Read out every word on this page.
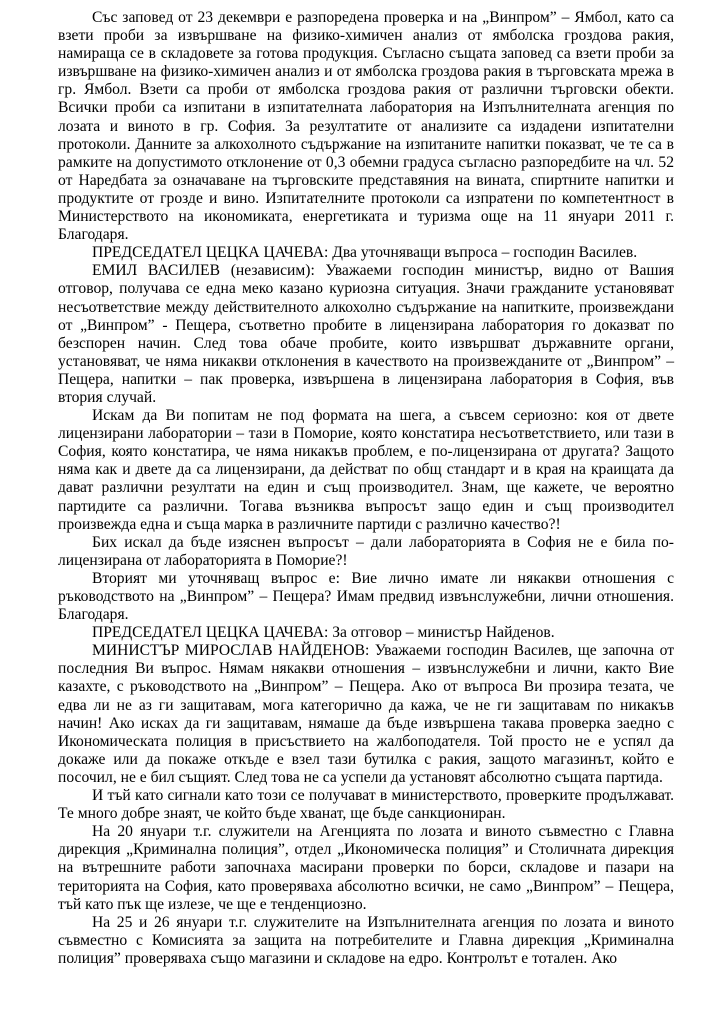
Със заповед от 23 декември е разпоредена проверка и на „Винпром” – Ямбол, като са взети проби за извършване на физико-химичен анализ от ямболска гроздова ракия, намираща се в складовете за готова продукция. Съгласно същата заповед са взети проби за извършване на физико-химичен анализ и от ямболска гроздова ракия в търговската мрежа в гр. Ямбол. Взети са проби от ямболска гроздова ракия от различни търговски обекти. Всички проби са изпитани в изпитателната лаборатория на Изпълнителната агенция по лозата и виното в гр. София. За резултатите от анализите са издадени изпитателни протоколи. Данните за алкохолното съдържание на изпитаните напитки показват, че те са в рамките на допустимото отклонение от 0,3 обемни градуса съгласно разпоредбите на чл. 52 от Наредбата за означаване на търговските представяния на вината, спиртните напитки и продуктите от грозде и вино. Изпитателните протоколи са изпратени по компетентност в Министерството на икономиката, енергетиката и туризма още на 11 януари 2011 г. Благодаря.

ПРЕДСЕДАТЕЛ ЦЕЦКА ЦАЧЕВА: Два уточняващи въпроса – господин Василев.

ЕМИЛ ВАСИЛЕВ (независим): Уважаеми господин министър, видно от Вашия отговор, получава се една меко казано куриозна ситуация. Значи гражданите установяват несъответствие между действителното алкохолно съдържание на напитките, произвеждани от „Винпром” - Пещера, съответно пробите в лицензирана лаборатория го доказват по безспорен начин. След това обаче пробите, които извършват държавните органи, установяват, че няма никакви отклонения в качеството на произвежданите от „Винпром” – Пещера, напитки – пак проверка, извършена в лицензирана лаборатория в София, във втория случай.

Искам да Ви попитам не под формата на шега, а съвсем сериозно: коя от двете лицензирани лаборатории – тази в Поморие, която констатира несъответствието, или тази в София, която констатира, че няма никакъв проблем, е по-лицензирана от другата? Защото няма как и двете да са лицензирани, да действат по общ стандарт и в края на краищата да дават различни резултати на един и същ производител. Знам, ще кажете, че вероятно партидите са различни. Тогава възниква въпросът защо един и същ производител произвежда една и съща марка в различните партиди с различно качество?!

Бих искал да бъде изяснен въпросът – дали лабораторията в София не е била по-лицензирана от лабораторията в Поморие?!

Вторият ми уточняващ въпрос е: Вие лично имате ли някакви отношения с ръководството на „Винпром” – Пещера? Имам предвид извънслужебни, лични отношения. Благодаря.

ПРЕДСЕДАТЕЛ ЦЕЦКА ЦАЧЕВА: За отговор – министър Найденов.

МИНИСТЪР МИРОСЛАВ НАЙДЕНОВ: Уважаеми господин Василев, ще започна от последния Ви въпрос. Нямам някакви отношения – извънслужебни и лични, както Вие казахте, с ръководството на „Винпром” – Пещера. Ако от въпроса Ви прозира тезата, че едва ли не аз ги защитавам, мога категорично да кажа, че не ги защитавам по никакъв начин! Ако исках да ги защитавам, нямаше да бъде извършена такава проверка заедно с Икономическата полиция в присъствието на жалбоподателя. Той просто не е успял да докаже или да покаже откъде е взел тази бутилка с ракия, защото магазинът, който е посочил, не е бил същият. След това не са успели да установят абсолютно същата партида.

И тъй като сигнали като този се получават в министерството, проверките продължават. Те много добре знаят, че който бъде хванат, ще бъде санкциониран.

На 20 януари т.г. служители на Агенцията по лозата и виното съвместно с Главна дирекция „Криминална полиция”, отдел „Икономическа полиция” и Столичната дирекция на вътрешните работи започнаха масирани проверки по борси, складове и пазари на територията на София, като проверяваха абсолютно всички, не само „Винпром” – Пещера, тъй като пък ще излезе, че ще е тенденциозно.

На 25 и 26 януари т.г. служителите на Изпълнителната агенция по лозата и виното съвместно с Комисията за защита на потребителите и Главна дирекция „Криминална полиция” проверяваха също магазини и складове на едро. Контролът е тотален. Ако
